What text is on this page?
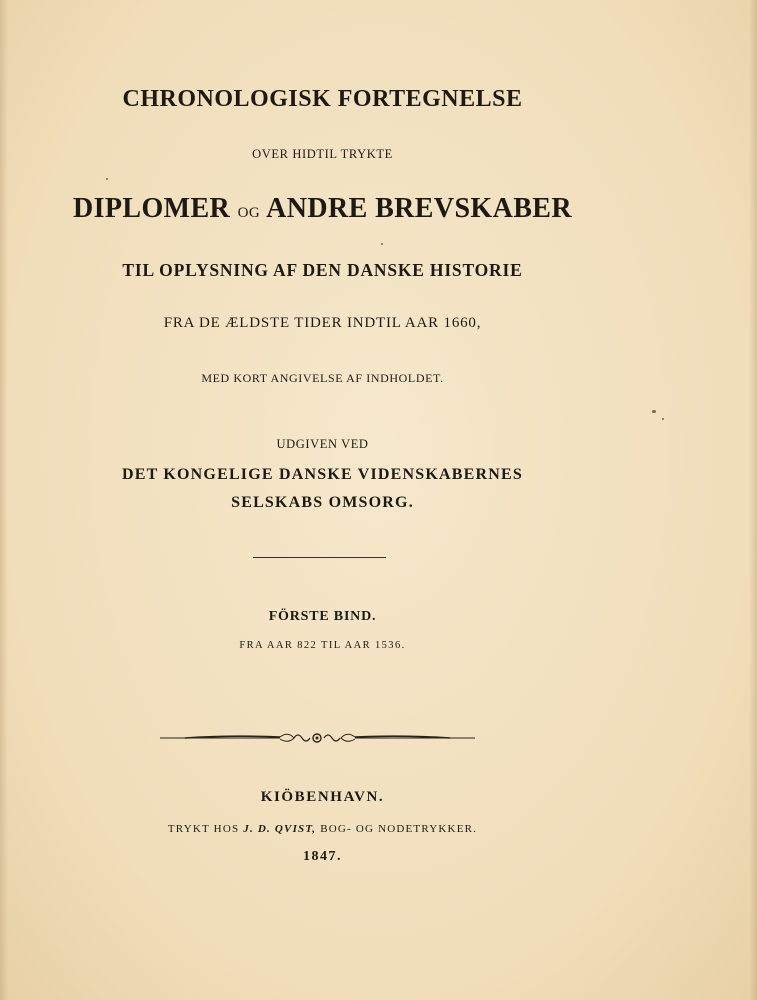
CHRONOLOGISK FORTEGNELSE
OVER HIDTIL TRYKTE
DIPLOMER OG ANDRE BREVSKABER
TIL OPLYSNING AF DEN DANSKE HISTORIE
FRA DE ÆLDSTE TIDER INDTIL AAR 1660,
MED KORT ANGIVELSE AF INDHOLDET.
UDGIVEN VED
DET KONGELIGE DANSKE VIDENSKABERNES
SELSKABS OMSORG.
FÖRSTE BIND.
FRA AAR 822 TIL AAR 1536.
KIÖBENHAVN.
TRYKT HOS J. D. QVIST, BOG- OG NODETRYKKER.
1847.
